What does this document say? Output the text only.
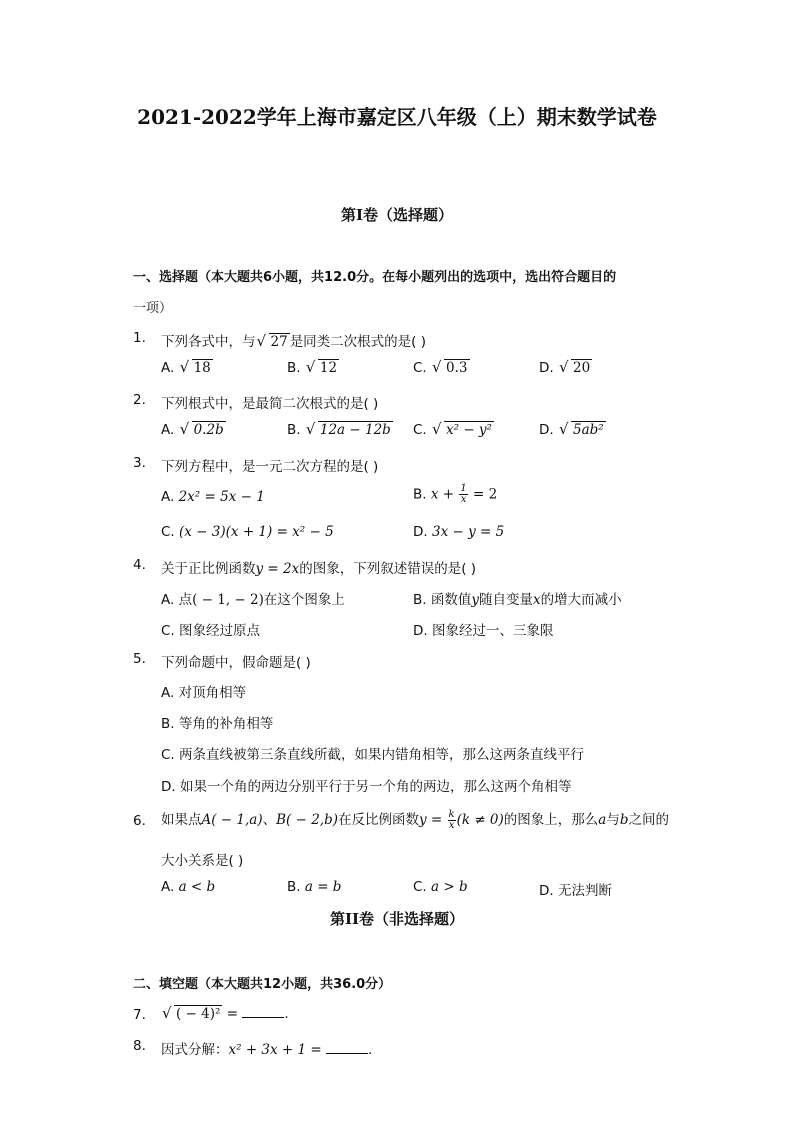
2021-2022学年上海市嘉定区八年级（上）期末数学试卷
第I卷（选择题）
一、选择题（本大题共6小题，共12.0分。在每小题列出的选项中，选出符合题目的
一项）
1. 下列各式中，与 √ 27 是同类二次根式的是( )
A. √ 18	B. √ 12	C. √ 0.3	D. √ 20
2. 下列根式中，是最简二次根式的是( )
A. √ 0.2b	B. √ 12a − 12b C. √ x² − y²	D. √ 5ab²
3. 下列方程中，是一元二次方程的是( )
A. 2x² = 5x − 1	B. $x + \frac{1}{x} = 2$
C. (x − 3)(x + 1) = x² − 5	D. 3x − y = 5
4. 关于正比例函数y = 2x的图象，下列叙述错误的是( )
A. 点( − 1, − 2)在这个图象上	B. 函数值y随自变量x的增大而减小
C. 图象经过原点	D. 图象经过一、三象限
5. 下列命题中，假命题是( )
A. 对顶角相等
B. 等角的补角相等
C. 两条直线被第三条直线所截，如果内错角相等，那么这两条直线平行
D. 如果一个角的两边分别平行于另一个角的两边，那么这两个角相等
6. 如果点A( − 1,a)、B( − 2,b)在反比例函数$y = \frac{k}{x} (k \ne 0)$的图象上，那么a与b之间的
大小关系是( )
A. a < b	B. a = b	C. a > b	D. 无法判断
第II卷（非选择题）
二、填空题（本大题共12小题，共36.0分）
7.	√ ( − 4)² =	.
8. 因式分解：x² + 3x + 1 =	.
